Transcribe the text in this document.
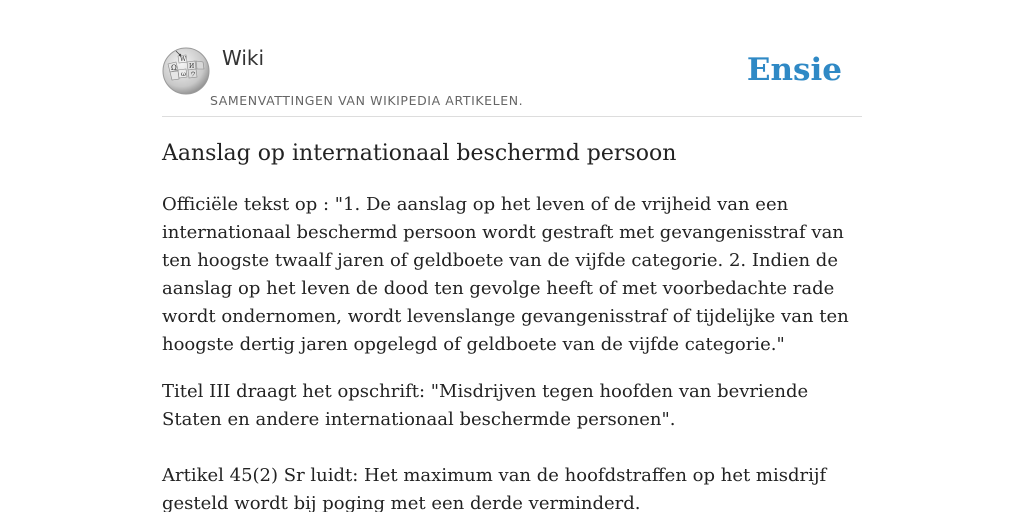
Ω
W
И
ω ウ
Wiki
SAMENVATTINGEN VAN WIKIPEDIA ARTIKELEN.
Ensie
Aanslag op internationaal beschermd persoon

Officiële tekst op : "1. De aanslag op het leven of de vrijheid van een internationaal beschermd persoon wordt gestraft met gevangenisstraf van ten hoogste twaalf jaren of geldboete van de vijfde categorie. 2. Indien de aanslag op het leven de dood ten gevolge heeft of met voorbedachte rade wordt ondernomen, wordt levenslange gevangenisstraf of tijdelijke van ten hoogste dertig jaren opgelegd of geldboete van de vijfde categorie."

Titel III draagt het opschrift: "Misdrijven tegen hoofden van bevriende Staten en andere internationaal beschermde personen".

Artikel 45(2) Sr luidt: Het maximum van de hoofdstraffen op het misdrijf gesteld wordt bij poging met een derde verminderd.
